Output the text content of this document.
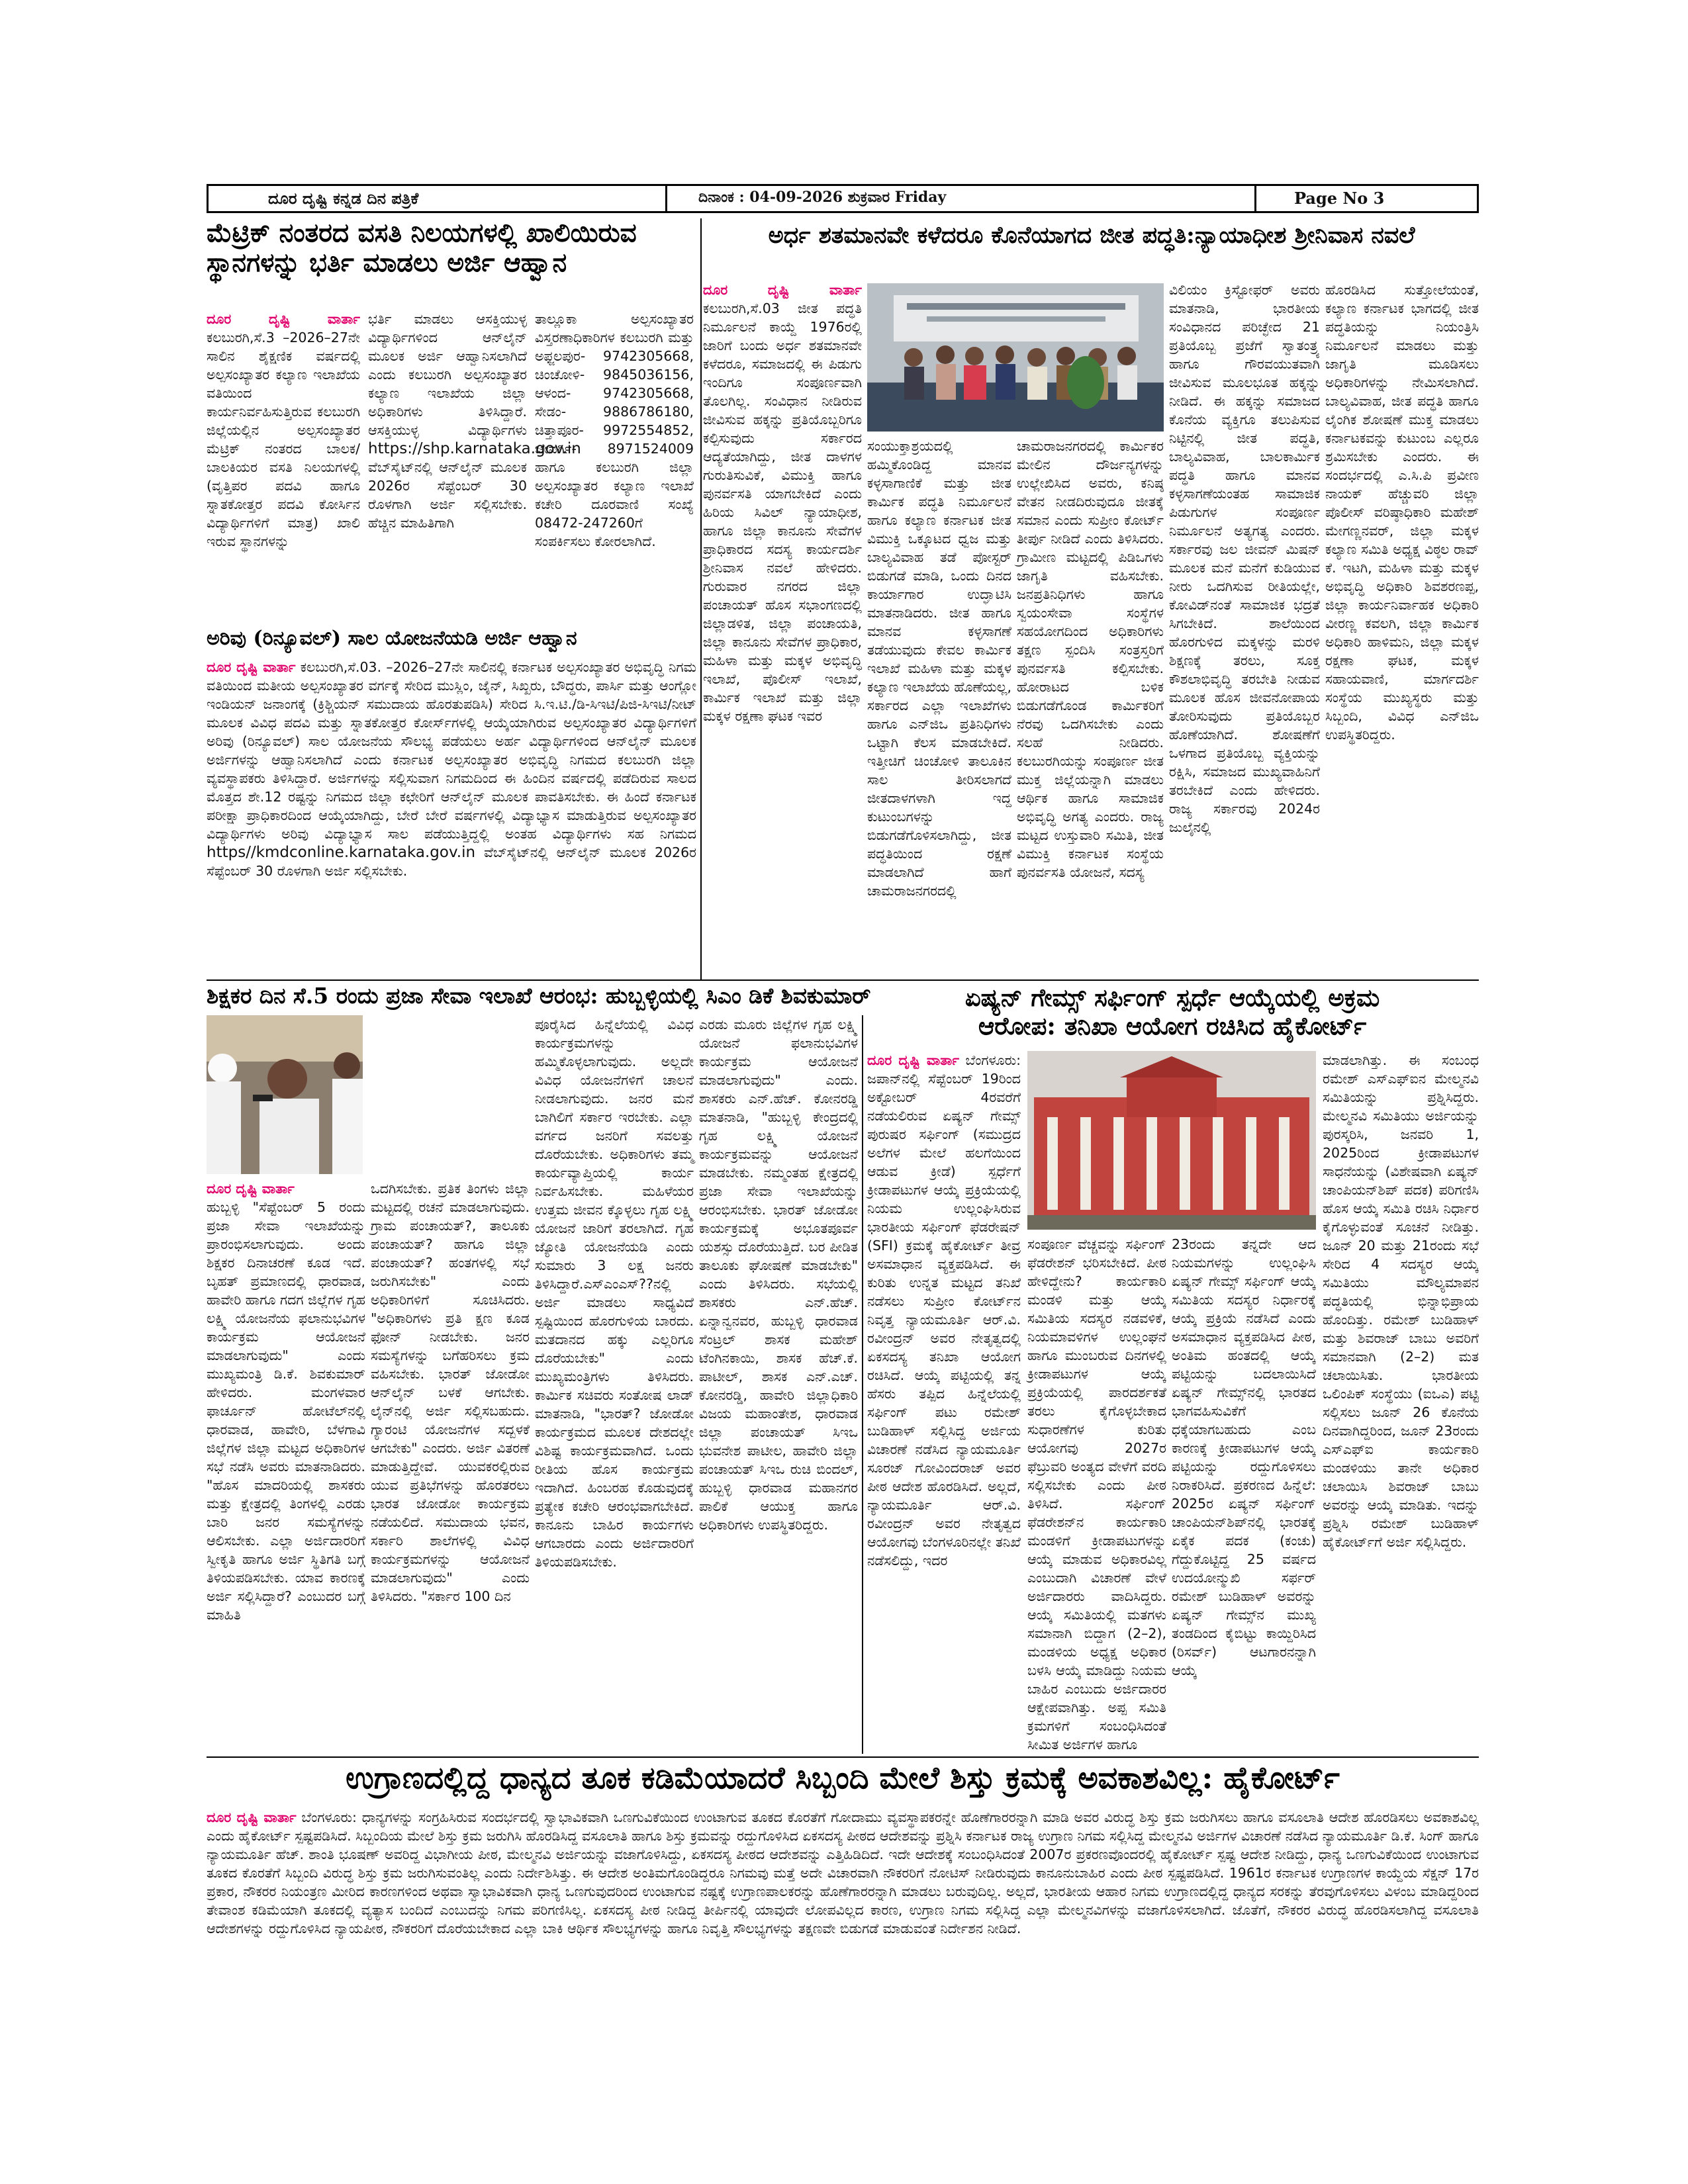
ದೂರ ದೃಷ್ಟಿ ಕನ್ನಡ ದಿನ ಪತ್ರಿಕೆ	ದಿನಾಂಕ : 04-09-2026 ಶುಕ್ರವಾರ Friday	Page No 3
ಮೆಟ್ರಿಕ್ ನಂತರದ ವಸತಿ ನಿಲಯಗಳಲ್ಲಿ ಖಾಲಿಯಿರುವ
ಸ್ಥಾನಗಳನ್ನು ಭರ್ತಿ ಮಾಡಲು ಅರ್ಜಿ ಆಹ್ವಾನ
ದೂರ ದೃಷ್ಟಿ ವಾರ್ತಾ ಕಲಬುರಗಿ,ಸೆ.3 –2026–27ನೇ ಸಾಲಿನ ಶೈಕ್ಷಣಿಕ ವರ್ಷದಲ್ಲಿ ಅಲ್ಪಸಂಖ್ಯಾತರ ಕಲ್ಯಾಣ ಇಲಾಖೆಯ ವತಿಯಿಂದ ಕಾರ್ಯನಿರ್ವಹಿಸುತ್ತಿರುವ ಕಲಬುರಗಿ ಜಿಲ್ಲೆಯಲ್ಲಿನ ಅಲ್ಪಸಂಖ್ಯಾತರ ಮೆಟ್ರಿಕ್ ನಂತರದ ಬಾಲಕ/ಬಾಲಕಿಯರ ವಸತಿ ನಿಲಯಗಳಲ್ಲಿ (ವೃತ್ತಿಪರ ಪದವಿ ಹಾಗೂ ಸ್ನಾತಕೋತ್ತರ ಪದವಿ ಕೋರ್ಸಿನ ವಿದ್ಯಾರ್ಥಿಗಳಿಗೆ ಮಾತ್ರ) ಖಾಲಿ ಇರುವ ಸ್ಥಾನಗಳನ್ನು
ಭರ್ತಿ ಮಾಡಲು ಆಸಕ್ತಿಯುಳ್ಳ ವಿದ್ಯಾರ್ಥಿಗಳಿಂದ ಆನ್‌ಲೈನ್ ಮೂಲಕ ಅರ್ಜಿ ಆಹ್ವಾನಿಸಲಾಗಿದೆ ಎಂದು ಕಲಬುರಗಿ ಅಲ್ಪಸಂಖ್ಯಾತರ ಕಲ್ಯಾಣ ಇಲಾಖೆಯ ಜಿಲ್ಲಾ ಅಧಿಕಾರಿಗಳು ತಿಳಿಸಿದ್ದಾರೆ. ಆಸಕ್ತಿಯುಳ್ಳ ವಿದ್ಯಾರ್ಥಿಗಳು https://shp.karnataka.gov.in ವೆಬ್‌ಸೈಟ್‌ನಲ್ಲಿ ಆನ್‌ಲೈನ್ ಮೂಲಕ 2026ರ ಸೆಪ್ಟೆಂಬರ್ 30 ರೊಳಗಾಗಿ ಅರ್ಜಿ ಸಲ್ಲಿಸಬೇಕು. ಹೆಚ್ಚಿನ ಮಾಹಿತಿಗಾಗಿ
ತಾಲ್ಲೂಕಾ ಅಲ್ಪಸಂಖ್ಯಾತರ ವಿಸ್ತರಣಾಧಿಕಾರಿಗಳ ಕಲಬುರಗಿ ಮತ್ತು ಅಫ್ಜಲಪುರ- 9742305668, ಚಿಂಚೋಳಿ- 9845036156, ಆಳಂದ- 9742305668, ಸೇಡಂ- 9886786180, ಚಿತ್ತಾಪೂರ- 9972554852, ಜೇವರ್ಗಿ- 8971524009 ಹಾಗೂ ಕಲಬುರಗಿ ಜಿಲ್ಲಾ ಅಲ್ಪಸಂಖ್ಯಾತರ ಕಲ್ಯಾಣ ಇಲಾಖೆ ಕಚೇರಿ ದೂರವಾಣಿ ಸಂಖ್ಯೆ 08472-247260ಗೆ ಸಂಪರ್ಕಿಸಲು ಕೋರಲಾಗಿದೆ.
ಅರಿವು (ರಿನ್ಯೂವಲ್) ಸಾಲ ಯೋಜನೆಯಡಿ ಅರ್ಜಿ ಆಹ್ವಾನ
ದೂರ ದೃಷ್ಟಿ ವಾರ್ತಾ ಕಲಬುರಗಿ,ಸೆ.03. –2026–27ನೇ ಸಾಲಿನಲ್ಲಿ ಕರ್ನಾಟಕ ಅಲ್ಪಸಂಖ್ಯಾತರ ಅಭಿವೃದ್ಧಿ ನಿಗಮ ವತಿಯಿಂದ ಮತೀಯ ಅಲ್ಪಸಂಖ್ಯಾತರ ವರ್ಗಕ್ಕೆ ಸೇರಿದ ಮುಸ್ಲಿಂ, ಜೈನ್, ಸಿಖ್ಖರು, ಬೌದ್ಧರು, ಪಾರ್ಸಿ ಮತ್ತು ಆಂಗ್ಲೋ ಇಂಡಿಯನ್ ಜನಾಂಗಕ್ಕೆ (ಕ್ರಿಶ್ಚಿಯನ್ ಸಮುದಾಯ ಹೊರತುಪಡಿಸಿ) ಸೇರಿದ ಸಿ.ಇ.ಟಿ./ಡಿ-ಸಿಇಟಿ/ಪಿಜಿ-ಸಿಇಟಿ/ನೀಟ್ ಮೂಲಕ ವಿವಿಧ ಪದವಿ ಮತ್ತು ಸ್ನಾತಕೋತ್ತರ ಕೋರ್ಸ್‌ಗಳಲ್ಲಿ ಆಯ್ಕೆಯಾಗಿರುವ ಅಲ್ಪಸಂಖ್ಯಾತರ ವಿದ್ಯಾರ್ಥಿಗಳಿಗೆ ಅರಿವು (ರಿನ್ಯೂವಲ್) ಸಾಲ ಯೋಜನೆಯ ಸೌಲಭ್ಯ ಪಡೆಯಲು ಅರ್ಹ ವಿದ್ಯಾರ್ಥಿಗಳಿಂದ ಆನ್‌ಲೈನ್ ಮೂಲಕ ಅರ್ಜಿಗಳನ್ನು ಆಹ್ವಾನಿಸಲಾಗಿದೆ ಎಂದು ಕರ್ನಾಟಕ ಅಲ್ಪಸಂಖ್ಯಾತರ ಅಭಿವೃದ್ಧಿ ನಿಗಮದ ಕಲಬುರಗಿ ಜಿಲ್ಲಾ ವ್ಯವಸ್ಥಾಪಕರು ತಿಳಿಸಿದ್ದಾರೆ. ಅರ್ಜಿಗಳನ್ನು ಸಲ್ಲಿಸುವಾಗ ನಿಗಮದಿಂದ ಈ ಹಿಂದಿನ ವರ್ಷದಲ್ಲಿ ಪಡೆದಿರುವ ಸಾಲದ ಮೊತ್ತದ ಶೇ.12 ರಷ್ಟನ್ನು ನಿಗಮದ ಜಿಲ್ಲಾ ಕಛೇರಿಗೆ ಆನ್‌ಲೈನ್ ಮೂಲಕ ಪಾವತಿಸಬೇಕು. ಈ ಹಿಂದೆ ಕರ್ನಾಟಕ ಪರೀಕ್ಷಾ ಪ್ರಾಧಿಕಾರದಿಂದ ಆಯ್ಕೆಯಾಗಿದ್ದು, ಬೇರೆ ಬೇರೆ ವರ್ಷಗಳಲ್ಲಿ ವಿದ್ಯಾಭ್ಯಾಸ ಮಾಡುತ್ತಿರುವ ಅಲ್ಪಸಂಖ್ಯಾತರ ವಿದ್ಯಾರ್ಥಿಗಳು ಅರಿವು ವಿದ್ಯಾಭ್ಯಾಸ ಸಾಲ ಪಡೆಯುತ್ತಿದ್ದಲ್ಲಿ ಅಂತಹ ವಿದ್ಯಾರ್ಥಿಗಳು ಸಹ ನಿಗಮದ https//kmdconline.karnataka.gov.in ವೆಬ್‌ಸೈಟ್‌ನಲ್ಲಿ ಆನ್‌ಲೈನ್ ಮೂಲಕ 2026ರ ಸೆಪ್ಟೆಂಬರ್ 30 ರೊಳಗಾಗಿ ಅರ್ಜಿ ಸಲ್ಲಿಸಬೇಕು.
ಅರ್ಧ ಶತಮಾನವೇ ಕಳೆದರೂ ಕೊನೆಯಾಗದ ಜೀತ ಪದ್ಧತಿ:ನ್ಯಾಯಾಧೀಶ ಶ್ರೀನಿವಾಸ ನವಲೆ
ದೂರ ದೃಷ್ಟಿ ವಾರ್ತಾ ಕಲಬುರಗಿ,ಸೆ.03 ಜೀತ ಪದ್ಧತಿ ನಿರ್ಮೂಲನೆ ಕಾಯ್ದೆ 1976ರಲ್ಲಿ ಜಾರಿಗೆ ಬಂದು ಅರ್ಧ ಶತಮಾನವೇ ಕಳೆದರೂ, ಸಮಾಜದಲ್ಲಿ ಈ ಪಿಡುಗು ಇಂದಿಗೂ ಸಂಪೂರ್ಣವಾಗಿ ತೊಲಗಿಲ್ಲ. ಸಂವಿಧಾನ ನೀಡಿರುವ ಜೀವಿಸುವ ಹಕ್ಕನ್ನು ಪ್ರತಿಯೊಬ್ಬರಿಗೂ ಕಲ್ಪಿಸುವುದು ಸರ್ಕಾರದ ಆದ್ಯತೆಯಾಗಿದ್ದು, ಜೀತ ದಾಳಗಳ ಗುರುತಿಸುವಿಕೆ, ವಿಮುಕ್ತಿ ಹಾಗೂ ಪುನರ್ವಸತಿ ಯಾಗಬೇಕಿದೆ ಎಂದು ಹಿರಿಯ ಸಿವಿಲ್ ನ್ಯಾಯಾಧೀಶ, ಹಾಗೂ ಜಿಲ್ಲಾ ಕಾನೂನು ಸೇವೆಗಳ ಪ್ರಾಧಿಕಾರದ ಸದಸ್ಯ ಕಾರ್ಯದರ್ಶಿ ಶ್ರೀನಿವಾಸ ನವಲೆ ಹೇಳಿದರು. ಗುರುವಾರ ನಗರದ ಜಿಲ್ಲಾ ಪಂಚಾಯತ್ ಹೊಸ ಸಭಾಂಗಣದಲ್ಲಿ ಜಿಲ್ಲಾಡಳಿತ, ಜಿಲ್ಲಾ ಪಂಚಾಯತಿ, ಜಿಲ್ಲಾ ಕಾನೂನು ಸೇವೆಗಳ ಪ್ರಾಧಿಕಾರ, ಮಹಿಳಾ ಮತ್ತು ಮಕ್ಕಳ ಅಭಿವೃದ್ಧಿ ಇಲಾಖೆ, ಪೊಲೀಸ್ ಇಲಾಖೆ, ಕಾರ್ಮಿಕ ಇಲಾಖೆ ಮತ್ತು ಜಿಲ್ಲಾ ಮಕ್ಕಳ ರಕ್ಷಣಾ ಘಟಕ ಇವರ
ಸಂಯುಕ್ತಾಶ್ರಯದಲ್ಲಿ ಹಮ್ಮಿಕೊಂಡಿದ್ದ ಮಾನವ ಕಳ್ಳಸಾಗಾಣಿಕೆ ಮತ್ತು ಜೀತ ಕಾರ್ಮಿಕ ಪದ್ಧತಿ ನಿರ್ಮೂಲನೆ ಹಾಗೂ ಕಲ್ಯಾಣ ಕರ್ನಾಟಕ ಜೀತ ವಿಮುಕ್ತಿ ಒಕ್ಕೂಟದ ಧ್ವಜ ಮತ್ತು ಬಾಲ್ಯವಿವಾಹ ತಡೆ ಪೋಸ್ಟರ್ ಬಿಡುಗಡೆ ಮಾಡಿ, ಒಂದು ದಿನದ ಕಾರ್ಯಾಗಾರ ಉದ್ಘಾಟಿಸಿ ಮಾತನಾಡಿದರು. ಜೀತ ಹಾಗೂ ಮಾನವ ಕಳ್ಳಸಾಗಣೆ ತಡೆಯುವುದು ಕೇವಲ ಕಾರ್ಮಿಕ ಇಲಾಖೆ ಮಹಿಳಾ ಮತ್ತು ಮಕ್ಕಳ ಕಲ್ಯಾಣ ಇಲಾಖೆಯ ಹೊಣೆಯಲ್ಲ, ಸರ್ಕಾರದ ಎಲ್ಲಾ ಇಲಾಖೆಗಳು ಹಾಗೂ ಎನ್‌ಜಿಒ ಪ್ರತಿನಿಧಿಗಳು ಒಟ್ಟಾಗಿ ಕೆಲಸ ಮಾಡಬೇಕಿದೆ. ಇತ್ತೀಚಿಗೆ ಚಿಂಚೋಳಿ ತಾಲೂಕಿನ ಸಾಲ ತೀರಿಸಲಾಗದೆ ಜೀತದಾಳಗಳಾಗಿ ಇದ್ದ ಕುಟುಂಬಗಳನ್ನು ಬಿಡುಗಡೆಗೊಳಿಸಲಾಗಿದ್ದು, ಜೀತ ಪದ್ಧತಿಯಿಂದ ರಕ್ಷಣೆ ಮಾಡಲಾಗಿದೆ ಹಾಗೆ ಚಾಮರಾಜನಗರದಲ್ಲಿ
ಚಾಮರಾಜನಗರದಲ್ಲಿ ಕಾರ್ಮಿಕರ ಮೇಲಿನ ದೌರ್ಜನ್ಯಗಳನ್ನು ಉಲ್ಲೇಖಿಸಿದ ಅವರು, ಕನಿಷ್ಠ ವೇತನ ನೀಡದಿರುವುದೂ ಜೀತಕ್ಕೆ ಸಮಾನ ಎಂದು ಸುಪ್ರೀಂ ಕೋರ್ಟ್ ತೀರ್ಪು ನೀಡಿದೆ ಎಂದು ತಿಳಿಸಿದರು. ಗ್ರಾಮೀಣ ಮಟ್ಟದಲ್ಲಿ ಪಿಡಿಒಗಳು ಜಾಗೃತಿ ವಹಿಸಬೇಕು. ಜನಪ್ರತಿನಿಧಿಗಳು ಹಾಗೂ ಸ್ವಯಂಸೇವಾ ಸಂಸ್ಥೆಗಳ ಸಹಯೋಗದಿಂದ ಅಧಿಕಾರಿಗಳು ತಕ್ಷಣ ಸ್ಪಂದಿಸಿ ಸಂತ್ರಸ್ತರಿಗೆ ಪುನರ್ವಸತಿ ಕಲ್ಪಿಸಬೇಕು. ಹೋರಾಟದ ಬಳಿಕ ಬಿಡುಗಡೆಗೊಂಡ ಕಾರ್ಮಿಕರಿಗೆ ನೆರವು ಒದಗಿಸಬೇಕು ಎಂದು ಸಲಹೆ ನೀಡಿದರು. ಕಲಬುರಗಿಯನ್ನು ಸಂಪೂರ್ಣ ಜೀತ ಮುಕ್ತ ಜಿಲ್ಲೆಯನ್ನಾಗಿ ಮಾಡಲು ಆರ್ಥಿಕ ಹಾಗೂ ಸಾಮಾಜಿಕ ಅಭಿವೃದ್ಧಿ ಅಗತ್ಯ ಎಂದರು. ರಾಜ್ಯ ಮಟ್ಟದ ಉಸ್ತುವಾರಿ ಸಮಿತಿ, ಜೀತ ವಿಮುಕ್ತಿ ಕರ್ನಾಟಕ ಸಂಸ್ಥೆಯ ಪುನರ್ವಸತಿ ಯೋಜನೆ, ಸದಸ್ಯ
ವಿಲಿಯಂ ಕ್ರಿಸ್ಟೋಫರ್ ಅವರು ಮಾತನಾಡಿ, ಭಾರತೀಯ ಸಂವಿಧಾನದ ಪರಿಚ್ಛೇದ 21 ಪ್ರತಿಯೊಬ್ಬ ಪ್ರಜೆಗೆ ಸ್ವಾತಂತ್ರ್ಯ ಹಾಗೂ ಗೌರವಯುತವಾಗಿ ಜೀವಿಸುವ ಮೂಲಭೂತ ಹಕ್ಕನ್ನು ನೀಡಿದೆ. ಈ ಹಕ್ಕನ್ನು ಸಮಾಜದ ಕೊನೆಯ ವ್ಯಕ್ತಿಗೂ ತಲುಪಿಸುವ ನಿಟ್ಟಿನಲ್ಲಿ ಜೀತ ಪದ್ಧತಿ, ಬಾಲ್ಯವಿವಾಹ, ಬಾಲಕಾರ್ಮಿಕ ಪದ್ಧತಿ ಹಾಗೂ ಮಾನವ ಕಳ್ಳಸಾಗಣೆಯಂತಹ ಸಾಮಾಜಿಕ ಪಿಡುಗುಗಳ ಸಂಪೂರ್ಣ ನಿರ್ಮೂಲನೆ ಅತ್ಯಗತ್ಯ ಎಂದರು. ಸರ್ಕಾರವು ಜಲ ಜೀವನ್ ಮಿಷನ್ ಮೂಲಕ ಮನೆ ಮನೆಗೆ ಕುಡಿಯುವ ನೀರು ಒದಗಿಸುವ ರೀತಿಯಲ್ಲೇ, ಕೋವಿಡ್‌ನಂತೆ ಸಾಮಾಜಿಕ ಭದ್ರತೆ ಸಿಗಬೇಕಿದೆ. ಶಾಲೆಯಿಂದ ಹೊರಗುಳಿದ ಮಕ್ಕಳನ್ನು ಮರಳಿ ಶಿಕ್ಷಣಕ್ಕೆ ತರಲು, ಸೂಕ್ತ ಕೌಶಲಾಭಿವೃದ್ಧಿ ತರಬೇತಿ ನೀಡುವ ಮೂಲಕ ಹೊಸ ಜೀವನೋಪಾಯ ತೋರಿಸುವುದು ಪ್ರತಿಯೊಬ್ಬರ ಹೊಣೆಯಾಗಿದೆ. ಶೋಷಣೆಗೆ ಒಳಗಾದ ಪ್ರತಿಯೊಬ್ಬ ವ್ಯಕ್ತಿಯನ್ನು ರಕ್ಷಿಸಿ, ಸಮಾಜದ ಮುಖ್ಯವಾಹಿನಿಗೆ ತರಬೇಕಿದೆ ಎಂದು ಹೇಳಿದರು. ರಾಜ್ಯ ಸರ್ಕಾರವು 2024ರ ಜುಲೈನಲ್ಲಿ
ಹೊರಡಿಸಿದ ಸುತ್ತೋಲೆಯಂತೆ, ಕಲ್ಯಾಣ ಕರ್ನಾಟಕ ಭಾಗದಲ್ಲಿ ಜೀತ ಪದ್ಧತಿಯನ್ನು ನಿಯಂತ್ರಿಸಿ ನಿರ್ಮೂಲನೆ ಮಾಡಲು ಮತ್ತು ಜಾಗೃತಿ ಮೂಡಿಸಲು ಅಧಿಕಾರಿಗಳನ್ನು ನೇಮಿಸಲಾಗಿದೆ. ಬಾಲ್ಯವಿವಾಹ, ಜೀತ ಪದ್ಧತಿ ಹಾಗೂ ಲೈಂಗಿಕ ಶೋಷಣೆ ಮುಕ್ತ ಮಾಡಲು ಕರ್ನಾಟಕವನ್ನು ಕುಟುಂಬ ಎಲ್ಲರೂ ಶ್ರಮಿಸಬೇಕು ಎಂದರು. ಈ ಸಂದರ್ಭದಲ್ಲಿ ಎ.ಸಿ.ಪಿ ಪ್ರವೀಣ ನಾಯಕ್ ಹೆಚ್ಚುವರಿ ಜಿಲ್ಲಾ ಪೊಲೀಸ್ ವರಿಷ್ಠಾಧಿಕಾರಿ ಮಹೇಶ್ ಮೇಗಣ್ಣನವರ್, ಜಿಲ್ಲಾ ಮಕ್ಕಳ ಕಲ್ಯಾಣ ಸಮಿತಿ ಅಧ್ಯಕ್ಷ ವಿಠ್ಠಲ ರಾವ್ ಕೆ. ಇಟಗಿ, ಮಹಿಳಾ ಮತ್ತು ಮಕ್ಕಳ ಅಭಿವೃದ್ಧಿ ಅಧಿಕಾರಿ ಶಿವಶರಣಪ್ಪ, ಜಿಲ್ಲಾ ಕಾರ್ಯನಿರ್ವಾಹಕ ಅಧಿಕಾರಿ ವೀರಣ್ಣ ಕವಲಗಿ, ಜಿಲ್ಲಾ ಕಾರ್ಮಿಕ ಅಧಿಕಾರಿ ಹಾಳಿಮನಿ, ಜಿಲ್ಲಾ ಮಕ್ಕಳ ರಕ್ಷಣಾ ಘಟಕ, ಮಕ್ಕಳ ಸಹಾಯವಾಣಿ, ಮಾರ್ಗದರ್ಶಿ ಸಂಸ್ಥೆಯ ಮುಖ್ಯಸ್ಥರು ಮತ್ತು ಸಿಬ್ಬಂದಿ, ವಿವಿಧ ಎನ್‌ಜಿಒ ಉಪಸ್ಥಿತರಿದ್ದರು.
ಶಿಕ್ಷಕರ ದಿನ ಸೆ.5 ರಂದು ಪ್ರಜಾ ಸೇವಾ ಇಲಾಖೆ ಆರಂಭ: ಹುಬ್ಬಳ್ಳಿಯಲ್ಲಿ ಸಿಎಂ ಡಿಕೆ ಶಿವಕುಮಾರ್
ದೂರ ದೃಷ್ಟಿ ವಾರ್ತಾ
ಹುಬ್ಬಳ್ಳಿ "ಸೆಪ್ಟೆಂಬರ್ 5 ರಂದು ಪ್ರಜಾ ಸೇವಾ ಇಲಾಖೆಯನ್ನು ಪ್ರಾರಂಭಿಸಲಾಗುವುದು. ಅಂದು ಶಿಕ್ಷಕರ ದಿನಾಚರಣೆ ಕೂಡ ಇದೆ. ಬೃಹತ್ ಪ್ರಮಾಣದಲ್ಲಿ ಧಾರವಾಡ, ಹಾವೇರಿ ಹಾಗೂ ಗದಗ ಜಿಲ್ಲೆಗಳ ಗೃಹ ಲಕ್ಷ್ಮಿ ಯೋಜನೆಯ ಫಲಾನುಭವಿಗಳ ಕಾರ್ಯಕ್ರಮ ಆಯೋಜನೆ ಮಾಡಲಾಗುವುದು" ಎಂದು ಮುಖ್ಯಮಂತ್ರಿ ಡಿ.ಕೆ. ಶಿವಕುಮಾರ್ ಹೇಳಿದರು. ಮಂಗಳವಾರ ಫಾರ್ಚೂನ್ ಹೋಟೆಲ್‌ನಲ್ಲಿ ಧಾರವಾಡ, ಹಾವೇರಿ, ಬೆಳಗಾವಿ ಜಿಲ್ಲೆಗಳ ಜಿಲ್ಲಾ ಮಟ್ಟದ ಅಧಿಕಾರಿಗಳ ಸಭೆ ನಡೆಸಿ ಅವರು ಮಾತನಾಡಿದರು. "ಹೊಸ ಮಾದರಿಯಲ್ಲಿ ಶಾಸಕರು ಮತ್ತು ಕ್ಷೇತ್ರದಲ್ಲಿ ತಿಂಗಳಲ್ಲಿ ಎರಡು ಬಾರಿ ಜನರ ಸಮಸ್ಯೆಗಳನ್ನು ಆಲಿಸಬೇಕು. ಎಲ್ಲಾ ಅರ್ಜಿದಾರರಿಗೆ ಸ್ವೀಕೃತಿ ಹಾಗೂ ಅರ್ಜಿ ಸ್ಥಿತಿಗತಿ ಬಗ್ಗೆ ತಿಳಿಯಪಡಿಸಬೇಕು. ಯಾವ ಕಾರಣಕ್ಕೆ ಅರ್ಜಿ ಸಲ್ಲಿಸಿದ್ದಾರೆ? ಎಂಬುದರ ಬಗ್ಗೆ ಮಾಹಿತಿ
ಒದಗಿಸಬೇಕು. ಪ್ರತಿಕ ತಿಂಗಳು ಜಿಲ್ಲಾ ಮಟ್ಟದಲ್ಲಿ ರಚನೆ ಮಾಡಲಾಗುವುದು. ಗ್ರಾಮ ಪಂಚಾಯತ್?, ತಾಲೂಕು ಪಂಚಾಯತ್? ಹಾಗೂ ಜಿಲ್ಲಾ ಪಂಚಾಯತ್? ಹಂತಗಳಲ್ಲಿ ಸಭೆ ಜರುಗಿಸಬೇಕು" ಎಂದು ಅಧಿಕಾರಿಗಳಿಗೆ ಸೂಚಿಸಿದರು. "ಅಧಿಕಾರಿಗಳು ಪ್ರತಿ ಕ್ಷಣ ಕೂಡ ಫೋನ್ ನೀಡಬೇಕು. ಜನರ ಸಮಸ್ಯೆಗಳನ್ನು ಬಗೆಹರಿಸಲು ಕ್ರಮ ವಹಿಸಬೇಕು. ಭಾರತ್ ಜೋಡೋ ಆನ್‌ಲೈನ್ ಬಳಕೆ ಆಗಬೇಕು. ಲೈನ್‌ನಲ್ಲಿ ಅರ್ಜಿ ಸಲ್ಲಿಸಬಹುದು. ಗ್ಯಾರಂಟಿ ಯೋಜನೆಗಳ ಸದ್ಬಳಕೆ ಆಗಬೇಕು" ಎಂದರು. ಅರ್ಜಿ ವಿತರಣೆ ಮಾಡುತ್ತಿದ್ದೇವೆ. ಯುವಕರಲ್ಲಿರುವ ಯುವ ಪ್ರತಿಭೆಗಳನ್ನು ಹೊರತರಲು ಭಾರತ ಜೋಡೋ ಕಾರ್ಯಕ್ರಮ ನಡೆಯಲಿದೆ. ಸಮುದಾಯ ಭವನ, ಸರ್ಕಾರಿ ಶಾಲೆಗಳಲ್ಲಿ ವಿವಿಧ ಕಾರ್ಯಕ್ರಮಗಳನ್ನು ಆಯೋಜನೆ ಮಾಡಲಾಗುವುದು" ಎಂದು ತಿಳಿಸಿದರು. "ಸರ್ಕಾರ 100 ದಿನ
ಪೂರೈಸಿದ ಹಿನ್ನೆಲೆಯಲ್ಲಿ ವಿವಿಧ ಕಾರ್ಯಕ್ರಮಗಳನ್ನು ಹಮ್ಮಿಕೊಳ್ಳಲಾಗುವುದು. ಅಲ್ಲದೇ ವಿವಿಧ ಯೋಜನೆಗಳಿಗೆ ಚಾಲನೆ ನೀಡಲಾಗುವುದು. ಜನರ ಮನೆ ಬಾಗಿಲಿಗೆ ಸರ್ಕಾರ ಇರಬೇಕು. ಎಲ್ಲಾ ವರ್ಗದ ಜನರಿಗೆ ಸವಲತ್ತು ದೊರೆಯಬೇಕು. ಅಧಿಕಾರಿಗಳು ತಮ್ಮ ಕಾರ್ಯವ್ಯಾಪ್ತಿಯಲ್ಲಿ ಕಾರ್ಯ ನಿರ್ವಹಿಸಬೇಕು. ಮಹಿಳೆಯರ ಉತ್ತಮ ಜೀವನ ಕ್ಕೊಳ್ಳಲು ಗೃಹ ಲಕ್ಷ್ಮಿ ಯೋಜನೆ ಜಾರಿಗೆ ತರಲಾಗಿದೆ. ಗೃಹ ಜ್ಯೋತಿ ಯೋಜನೆಯಡಿ ಎಂದು ಸುಮಾರು 3 ಲಕ್ಷ ಜನರು ತಿಳಿಸಿದ್ದಾರೆ.ಎಸ್ಎಂಎಸ್??ನಲ್ಲಿ ಅರ್ಜಿ ಮಾಡಲು ಸಾಧ್ಯವಿದೆ ಸ್ಪಷ್ಟಿಯಿಂದ ಹೊರಗುಳಿಯ ಬಾರದು. ಮತದಾನದ ಹಕ್ಕು ಎಲ್ಲರಿಗೂ ದೊರೆಯಬೇಕು" ಎಂದು ಮುಖ್ಯಮಂತ್ರಿಗಳು ತಿಳಿಸಿದರು. ಕಾರ್ಮಿಕ ಸಚಿವರು ಸಂತೋಷ ಲಾಡ್ ಮಾತನಾಡಿ, "ಭಾರತ್? ಜೋಡೋ ಕಾರ್ಯಕ್ರಮದ ಮೂಲಕ ದೇಶದಲ್ಲೇ ವಿಶಿಷ್ಟ ಕಾರ್ಯಕ್ರಮವಾಗಿದೆ. ಒಂದು ರೀತಿಯ ಹೊಸ ಕಾರ್ಯಕ್ರಮ ಇದಾಗಿದೆ. ಹಿಂಬರಹ ಕೊಡುವುದಕ್ಕೆ ಪ್ರತ್ಯೇಕ ಕಚೇರಿ ಆರಂಭವಾಗಬೇಕಿದೆ. ಕಾನೂನು ಬಾಹಿರ ಕಾರ್ಯಗಳು ಆಗಬಾರದು ಎಂದು ಅರ್ಜಿದಾರರಿಗೆ ತಿಳಿಯಪಡಿಸಬೇಕು.
ಎರಡು ಮೂರು ಜಿಲ್ಲೆಗಳ ಗೃಹ ಲಕ್ಷ್ಮಿ ಯೋಜನೆ ಫಲಾನುಭವಿಗಳ ಕಾರ್ಯಕ್ರಮ ಆಯೋಜನೆ ಮಾಡಲಾಗುವುದು" ಎಂದು. ಶಾಸಕರು ಎನ್.ಹೆಚ್. ಕೋನರಡ್ಡಿ ಮಾತನಾಡಿ, "ಹುಬ್ಬಳ್ಳಿ ಕೇಂದ್ರದಲ್ಲಿ ಗೃಹ ಲಕ್ಷ್ಮಿ ಯೋಜನೆ ಕಾರ್ಯಕ್ರಮವನ್ನು ಆಯೋಜನೆ ಮಾಡಬೇಕು. ನಮ್ಮಂತಹ ಕ್ಷೇತ್ರದಲ್ಲಿ ಪ್ರಜಾ ಸೇವಾ ಇಲಾಖೆಯನ್ನು ಆರಂಭಿಸಬೇಕು. ಭಾರತ್ ಜೋಡೋ ಕಾರ್ಯಕ್ರಮಕ್ಕೆ ಅಭೂತಪೂರ್ವ ಯಶಸ್ಸು ದೊರೆಯುತ್ತಿದೆ. ಬರ ಪೀಡಿತ ತಾಲೂಕು ಘೋಷಣೆ ಮಾಡಬೇಕು" ಎಂದು ತಿಳಿಸಿದರು. ಸಭೆಯಲ್ಲಿ ಶಾಸಕರು ಎನ್.ಹೆಚ್. ಏನ್ನಾನ್ವನವರ, ಹುಬ್ಬಳ್ಳಿ ಧಾರವಾಡ ಸೆಂಟ್ರಲ್ ಶಾಸಕ ಮಹೇಶ್ ಟೆಂಗಿನಕಾಯಿ, ಶಾಸಕ ಹೆಚ್.ಕೆ. ಪಾಟೀಲ್, ಶಾಸಕ ಎನ್.ಎಚ್. ಕೋನರಡ್ಡಿ, ಹಾವೇರಿ ಜಿಲ್ಲಾಧಿಕಾರಿ ವಿಜಯ ಮಹಾಂತೇಶ, ಧಾರವಾಡ ಜಿಲ್ಲಾ ಪಂಚಾಯತ್ ಸಿಇಒ ಭುವನೇಶ ಪಾಟೀಲ, ಹಾವೇರಿ ಜಿಲ್ಲಾ ಪಂಚಾಯತ್ ಸಿಇಒ ರುಚಿ ಬಿಂದಲ್, ಹುಬ್ಬಳ್ಳಿ ಧಾರವಾಡ ಮಹಾನಗರ ಪಾಲಿಕೆ ಆಯುಕ್ತ ಹಾಗೂ ಅಧಿಕಾರಿಗಳು ಉಪಸ್ಥಿತರಿದ್ದರು.
ಏಷ್ಯನ್ ಗೇಮ್ಸ್ ಸರ್ಫಿಂಗ್ ಸ್ಪರ್ಧೆ ಆಯ್ಕೆಯಲ್ಲಿ ಅಕ್ರಮ
ಆರೋಪ: ತನಿಖಾ ಆಯೋಗ ರಚಿಸಿದ ಹೈಕೋರ್ಟ್
ದೂರ ದೃಷ್ಟಿ ವಾರ್ತಾ ಬೆಂಗಳೂರು: ಜಪಾನ್‌ನಲ್ಲಿ ಸೆಪ್ಟೆಂಬರ್ 19ರಿಂದ ಅಕ್ಟೋಬರ್ 4ರವರೆಗೆ ನಡೆಯಲಿರುವ ಏಷ್ಯನ್ ಗೇಮ್ಸ್ ಪುರುಷರ ಸರ್ಫಿಂಗ್ (ಸಮುದ್ರದ ಅಲೆಗಳ ಮೇಲೆ ಹಲಗೆಯಿಂದ ಆಡುವ ಕ್ರೀಡೆ) ಸ್ಪರ್ಧೆಗೆ ಕ್ರೀಡಾಪಟುಗಳ ಆಯ್ಕೆ ಪ್ರಕ್ರಿಯೆಯಲ್ಲಿ ನಿಯಮ ಉಲ್ಲಂಘಿಸಿರುವ ಭಾರತೀಯ ಸರ್ಫಿಂಗ್ ಫೆಡರೇಷನ್ (SFI) ಕ್ರಮಕ್ಕೆ ಹೈಕೋರ್ಟ್ ತೀವ್ರ ಅಸಮಾಧಾನ ವ್ಯಕ್ತಪಡಿಸಿದೆ. ಈ ಕುರಿತು ಉನ್ನತ ಮಟ್ಟದ ತನಿಖೆ ನಡೆಸಲು ಸುಪ್ರೀಂ ಕೋರ್ಟ್‌ನ ನಿವೃತ್ತ ನ್ಯಾಯಮೂರ್ತಿ ಆರ್.ವಿ. ರವೀಂದ್ರನ್ ಅವರ ನೇತೃತ್ವದಲ್ಲಿ ಏಕಸದಸ್ಯ ತನಿಖಾ ಆಯೋಗ ರಚಿಸಿದೆ. ಆಯ್ಕೆ ಪಟ್ಟಿಯಲ್ಲಿ ತನ್ನ ಹೆಸರು ತಪ್ಪಿದ ಹಿನ್ನೆಲೆಯಲ್ಲಿ ಸರ್ಫಿಂಗ್ ಪಟು ರಮೇಶ್ ಬುಡಿಹಾಳ್ ಸಲ್ಲಿಸಿದ್ದ ಅರ್ಜಿಯ ವಿಚಾರಣೆ ನಡೆಸಿದ ನ್ಯಾಯಮೂರ್ತಿ ಸೂರಜ್ ಗೋವಿಂದರಾಜ್ ಅವರ ಪೀಠ ಆದೇಶ ಹೊರಡಿಸಿದೆ. ಅಲ್ಲದೆ, ನ್ಯಾಯಮೂರ್ತಿ ಆರ್.ವಿ. ರವೀಂದ್ರನ್ ಅವರ ನೇತೃತ್ವದ ಆಯೋಗವು ಬೆಂಗಳೂರಿನಲ್ಲೇ ತನಿಖೆ ನಡೆಸಲಿದ್ದು, ಇದರ
ಸಂಪೂರ್ಣ ವೆಚ್ಚವನ್ನು ಸರ್ಫಿಂಗ್ ಫೆಡರೇಶನ್ ಭರಿಸಬೇಕಿದೆ. ಪೀಠ ಹೇಳಿದ್ದೇನು? ಕಾರ್ಯಕಾರಿ ಮಂಡಳಿ ಮತ್ತು ಆಯ್ಕೆ ಸಮಿತಿಯ ಸದಸ್ಯರ ನಡವಳಿಕೆ, ನಿಯಮಾವಳಿಗಳ ಉಲ್ಲಂಘನೆ ಹಾಗೂ ಮುಂಬರುವ ದಿನಗಳಲ್ಲಿ ಕ್ರೀಡಾಪಟುಗಳ ಆಯ್ಕೆ ಪ್ರಕ್ರಿಯೆಯಲ್ಲಿ ಪಾರದರ್ಶಕತೆ ತರಲು ಕೈಗೊಳ್ಳಬೇಕಾದ ಸುಧಾರಣೆಗಳ ಕುರಿತು ಆಯೋಗವು 2027ರ ಫೆಬ್ರುವರಿ ಅಂತ್ಯದ ವೇಳೆಗೆ ವರದಿ ಸಲ್ಲಿಸಬೇಕು ಎಂದು ಪೀಠ ತಿಳಿಸಿದೆ. ಸರ್ಫಿಂಗ್ ಫೆಡರೇಶನ್‌ನ ಕಾರ್ಯಕಾರಿ ಮಂಡಳಿಗೆ ಕ್ರೀಡಾಪಟುಗಳನ್ನು ಆಯ್ಕೆ ಮಾಡುವ ಅಧಿಕಾರವಿಲ್ಲ ಎಂಬುದಾಗಿ ವಿಚಾರಣೆ ವೇಳೆ ಅರ್ಜಿದಾರರು ವಾದಿಸಿದ್ದರು. ಆಯ್ಕೆ ಸಮಿತಿಯಲ್ಲಿ ಮತಗಳು ಸಮಾನಾಗಿ ಬಿದ್ದಾಗ (2–2), ಮಂಡಳಿಯ ಅಧ್ಯಕ್ಷ ಅಧಿಕಾರ ಬಳಸಿ ಆಯ್ಕೆ ಮಾಡಿದ್ದು ನಿಯಮ ಬಾಹಿರ ಎಂಬುದು ಅರ್ಜಿದಾರರ ಆಕ್ಷೇಪವಾಗಿತ್ತು. ಅಪ್ಪ ಸಮಿತಿ ಕ್ರಮಗಳಿಗೆ ಸಂಬಂಧಿಸಿದಂತೆ ಸೀಮಿತ ಅರ್ಜಿಗಳ ಹಾಗೂ
23ರಂದು ತನ್ನದೇ ಆದ ನಿಯಮಗಳನ್ನು ಉಲ್ಲಂಘಿಸಿ ಏಷ್ಯನ್ ಗೇಮ್ಸ್ ಸರ್ಫಿಂಗ್ ಆಯ್ಕೆ ಸಮಿತಿಯ ಸದಸ್ಯರ ನಿರ್ಧಾರಕ್ಕೆ ಆಯ್ಕೆ ಪ್ರಕ್ರಿಯೆ ನಡೆಸಿದೆ ಎಂದು ಅಸಮಾಧಾನ ವ್ಯಕ್ತಪಡಿಸಿದ ಪೀಠ, ಅಂತಿಮ ಹಂತದಲ್ಲಿ ಆಯ್ಕೆ ಪಟ್ಟಿಯನ್ನು ಬದಲಾಯಿಸಿದೆ ಏಷ್ಯನ್ ಗೇಮ್ಸ್‌ನಲ್ಲಿ ಭಾರತದ ಭಾಗವಹಿಸುವಿಕೆಗೆ ಧಕ್ಕೆಯಾಗಬಹುದು ಎಂಬ ಕಾರಣಕ್ಕೆ ಕ್ರೀಡಾಪಟುಗಳ ಆಯ್ಕೆ ಪಟ್ಟಿಯನ್ನು ರದ್ದುಗೊಳಿಸಲು ನಿರಾಕರಿಸಿದೆ. ಪ್ರಕರಣದ ಹಿನ್ನೆಲೆ: 2025ರ ಏಷ್ಯನ್ ಸರ್ಫಿಂಗ್ ಚಾಂಪಿಯನ್‌ಶಿಪ್‌ನಲ್ಲಿ ಭಾರತಕ್ಕೆ ಏಕೈಕ ಪದಕ (ಕಂಚು) ಗೆದ್ದುಕೊಟ್ಟಿದ್ದ 25 ವರ್ಷದ ಉದಯೋನ್ಮುಖಿ ಸರ್ಫರ್ ರಮೇಶ್ ಬುಡಿಹಾಳ್ ಅವರನ್ನು ಏಷ್ಯನ್ ಗೇಮ್ಸ್‌ನ ಮುಖ್ಯ ತಂಡದಿಂದ ಕೈಬಿಟ್ಟು ಕಾಯ್ದಿರಿಸಿದ (ರಿಸರ್ವ್) ಆಟಗಾರನನ್ನಾಗಿ ಆಯ್ಕೆ
ಮಾಡಲಾಗಿತ್ತು. ಈ ಸಂಬಂಧ ರಮೇಶ್ ಎಸ್‌ಎಫ್‌ಐನ ಮೇಲ್ಮನವಿ ಸಮಿತಿಯನ್ನು ಪ್ರಶ್ನಿಸಿದ್ದರು. ಮೇಲ್ಮನವಿ ಸಮಿತಿಯು ಅರ್ಜಿಯನ್ನು ಪುರಸ್ಕರಿಸಿ, ಜನವರಿ 1, 2025ರಿಂದ ಕ್ರೀಡಾಪಟುಗಳ ಸಾಧನೆಯನ್ನು (ವಿಶೇಷವಾಗಿ ಏಷ್ಯನ್ ಚಾಂಪಿಯನ್‌ಶಿಪ್ ಪದಕ) ಪರಿಗಣಿಸಿ ಹೊಸ ಆಯ್ಕೆ ಸಮಿತಿ ರಚಿಸಿ ನಿರ್ಧಾರ ಕೈಗೊಳ್ಳುವಂತೆ ಸೂಚನೆ ನೀಡಿತ್ತು. ಜೂನ್ 20 ಮತ್ತು 21ರಂದು ಸಭೆ ಸೇರಿದ 4 ಸದಸ್ಯರ ಆಯ್ಕೆ ಸಮಿತಿಯು ಮೌಲ್ಯಮಾಪನ ಪದ್ಧತಿಯಲ್ಲಿ ಭಿನ್ನಾಭಿಪ್ರಾಯ ಹೊಂದಿತ್ತು. ರಮೇಶ್ ಬುಡಿಹಾಳ್ ಮತ್ತು ಶಿವರಾಜ್ ಬಾಬು ಅವರಿಗೆ ಸಮಾನವಾಗಿ (2–2) ಮತ ಚಲಾಯಿಸಿತು. ಭಾರತೀಯ ಒಲಿಂಪಿಕ್ ಸಂಸ್ಥೆಯು (ಐಒಎ) ಪಟ್ಟಿ ಸಲ್ಲಿಸಲು ಜೂನ್ 26 ಕೊನೆಯ ದಿನವಾಗಿದ್ದರಿಂದ, ಜೂನ್ 23ರಂದು ಎಸ್‌ಎಫ್‌ಐ ಕಾರ್ಯಕಾರಿ ಮಂಡಳಿಯು ತಾನೇ ಅಧಿಕಾರ ಚಲಾಯಿಸಿ ಶಿವರಾಜ್ ಬಾಬು ಅವರನ್ನು ಆಯ್ಕೆ ಮಾಡಿತು. ಇದನ್ನು ಪ್ರಶ್ನಿಸಿ ರಮೇಶ್ ಬುಡಿಹಾಳ್ ಹೈಕೋರ್ಟ್‌ಗೆ ಅರ್ಜಿ ಸಲ್ಲಿಸಿದ್ದರು.
ಉಗ್ರಾಣದಲ್ಲಿದ್ದ ಧಾನ್ಯದ ತೂಕ ಕಡಿಮೆಯಾದರೆ ಸಿಬ್ಬಂದಿ ಮೇಲೆ ಶಿಸ್ತು ಕ್ರಮಕ್ಕೆ ಅವಕಾಶವಿಲ್ಲ: ಹೈಕೋರ್ಟ್
ದೂರ ದೃಷ್ಟಿ ವಾರ್ತಾ ಬೆಂಗಳೂರು: ಧಾನ್ಯಗಳನ್ನು ಸಂಗ್ರಹಿಸಿರುವ ಸಂದರ್ಭದಲ್ಲಿ ಸ್ವಾಭಾವಿಕವಾಗಿ ಒಣಗುವಿಕೆಯಿಂದ ಉಂಟಾಗುವ ತೂಕದ ಕೊರತೆಗೆ ಗೋದಾಮು ವ್ಯವಸ್ಥಾಪಕರನ್ನೇ ಹೊಣೆಗಾರರನ್ನಾಗಿ ಮಾಡಿ ಅವರ ವಿರುದ್ಧ ಶಿಸ್ತು ಕ್ರಮ ಜರುಗಿಸಲು ಹಾಗೂ ವಸೂಲಾತಿ ಆದೇಶ ಹೊರಡಿಸಲು ಅವಕಾಶವಿಲ್ಲ ಎಂದು ಹೈಕೋರ್ಟ್ ಸ್ಪಷ್ಟಪಡಿಸಿದೆ. ಸಿಬ್ಬಂದಿಯ ಮೇಲೆ ಶಿಸ್ತು ಕ್ರಮ ಜರುಗಿಸಿ ಹೊರಡಿಸಿದ್ದ ವಸೂಲಾತಿ ಹಾಗೂ ಶಿಸ್ತು ಕ್ರಮವನ್ನು ರದ್ದುಗೊಳಿಸಿದ ಏಕಸದಸ್ಯ ಪೀಠದ ಆದೇಶವನ್ನು ಪ್ರಶ್ನಿಸಿ ಕರ್ನಾಟಕ ರಾಜ್ಯ ಉಗ್ರಾಣ ನಿಗಮ ಸಲ್ಲಿಸಿದ್ದ ಮೇಲ್ಮನವಿ ಅರ್ಜಿಗಳ ವಿಚಾರಣೆ ನಡೆಸಿದ ನ್ಯಾಯಮೂರ್ತಿ ಡಿ.ಕೆ. ಸಿಂಗ್ ಹಾಗೂ ನ್ಯಾಯಮೂರ್ತಿ ಹೆಚ್. ಶಾಂತಿ ಭೂಷಣ್ ಅವರಿದ್ದ ವಿಭಾಗೀಯ ಪೀಠ, ಮೇಲ್ಮನವಿ ಅರ್ಜಿಯನ್ನು ವಜಾಗೊಳಿಸಿದ್ದು, ಏಕಸದಸ್ಯ ಪೀಠದ ಆದೇಶವನ್ನು ಎತ್ತಿಹಿಡಿದಿದೆ. ಇದೇ ಆದೇಶಕ್ಕೆ ಸಂಬಂಧಿಸಿದಂತೆ 2007ರ ಪ್ರಕರಣವೊಂದರಲ್ಲಿ ಹೈಕೋರ್ಟ್ ಸ್ಪಷ್ಟ ಆದೇಶ ನೀಡಿದ್ದು, ಧಾನ್ಯ ಒಣಗುವಿಕೆಯಿಂದ ಉಂಟಾಗುವ ತೂಕದ ಕೊರತೆಗೆ ಸಿಬ್ಬಂದಿ ವಿರುದ್ಧ ಶಿಸ್ತು ಕ್ರಮ ಜರುಗಿಸುವಂತಿಲ್ಲ ಎಂದು ನಿರ್ದೇಶಿಸಿತ್ತು. ಈ ಆದೇಶ ಅಂತಿಮಗೊಂಡಿದ್ದರೂ ನಿಗಮವು ಮತ್ತೆ ಅದೇ ವಿಚಾರವಾಗಿ ನೌಕರರಿಗೆ ನೋಟಿಸ್ ನೀಡಿರುವುದು ಕಾನೂನುಬಾಹಿರ ಎಂದು ಪೀಠ ಸ್ಪಷ್ಟಪಡಿಸಿದೆ. 1961ರ ಕರ್ನಾಟಕ ಉಗ್ರಾಣಗಳ ಕಾಯ್ದೆಯ ಸೆಕ್ಷನ್ 17ರ ಪ್ರಕಾರ, ನೌಕರರ ನಿಯಂತ್ರಣ ಮೀರಿದ ಕಾರಣಗಳಿಂದ ಅಥವಾ ಸ್ವಾಭಾವಿಕವಾಗಿ ಧಾನ್ಯ ಒಣಗುವುದರಿಂದ ಉಂಟಾಗುವ ನಷ್ಟಕ್ಕೆ ಉಗ್ರಾಣಪಾಲಕರನ್ನು ಹೊಣೆಗಾರರನ್ನಾಗಿ ಮಾಡಲು ಬರುವುದಿಲ್ಲ. ಅಲ್ಲದೆ, ಭಾರತೀಯ ಆಹಾರ ನಿಗಮ ಉಗ್ರಾಣದಲ್ಲಿದ್ದ ಧಾನ್ಯದ ಸರಕನ್ನು ತೆರವುಗೊಳಿಸಲು ವಿಳಂಬ ಮಾಡಿದ್ದರಿಂದ ತೇವಾಂಶ ಕಡಿಮೆಯಾಗಿ ತೂಕದಲ್ಲಿ ವ್ಯತ್ಯಾಸ ಬಂದಿದೆ ಎಂಬುದನ್ನು ನಿಗಮ ಪರಿಗಣಿಸಿಲ್ಲ. ಏಕಸದಸ್ಯ ಪೀಠ ನೀಡಿದ್ದ ತೀರ್ಪಿನಲ್ಲಿ ಯಾವುದೇ ಲೋಪವಿಲ್ಲದ ಕಾರಣ, ಉಗ್ರಾಣ ನಿಗಮ ಸಲ್ಲಿಸಿದ್ದ ಎಲ್ಲಾ ಮೇಲ್ಮನವಿಗಳನ್ನು ವಜಾಗೊಳಿಸಲಾಗಿದೆ. ಜೊತೆಗೆ, ನೌಕರರ ವಿರುದ್ಧ ಹೊರಡಿಸಲಾಗಿದ್ದ ವಸೂಲಾತಿ ಆದೇಶಗಳನ್ನು ರದ್ದುಗೊಳಿಸಿದ ನ್ಯಾಯಪೀಠ, ನೌಕರರಿಗೆ ದೊರೆಯಬೇಕಾದ ಎಲ್ಲಾ ಬಾಕಿ ಆರ್ಥಿಕ ಸೌಲಭ್ಯಗಳನ್ನು ಹಾಗೂ ನಿವೃತ್ತಿ ಸೌಲಭ್ಯಗಳನ್ನು ತಕ್ಷಣವೇ ಬಿಡುಗಡೆ ಮಾಡುವಂತೆ ನಿರ್ದೇಶನ ನೀಡಿದೆ.
